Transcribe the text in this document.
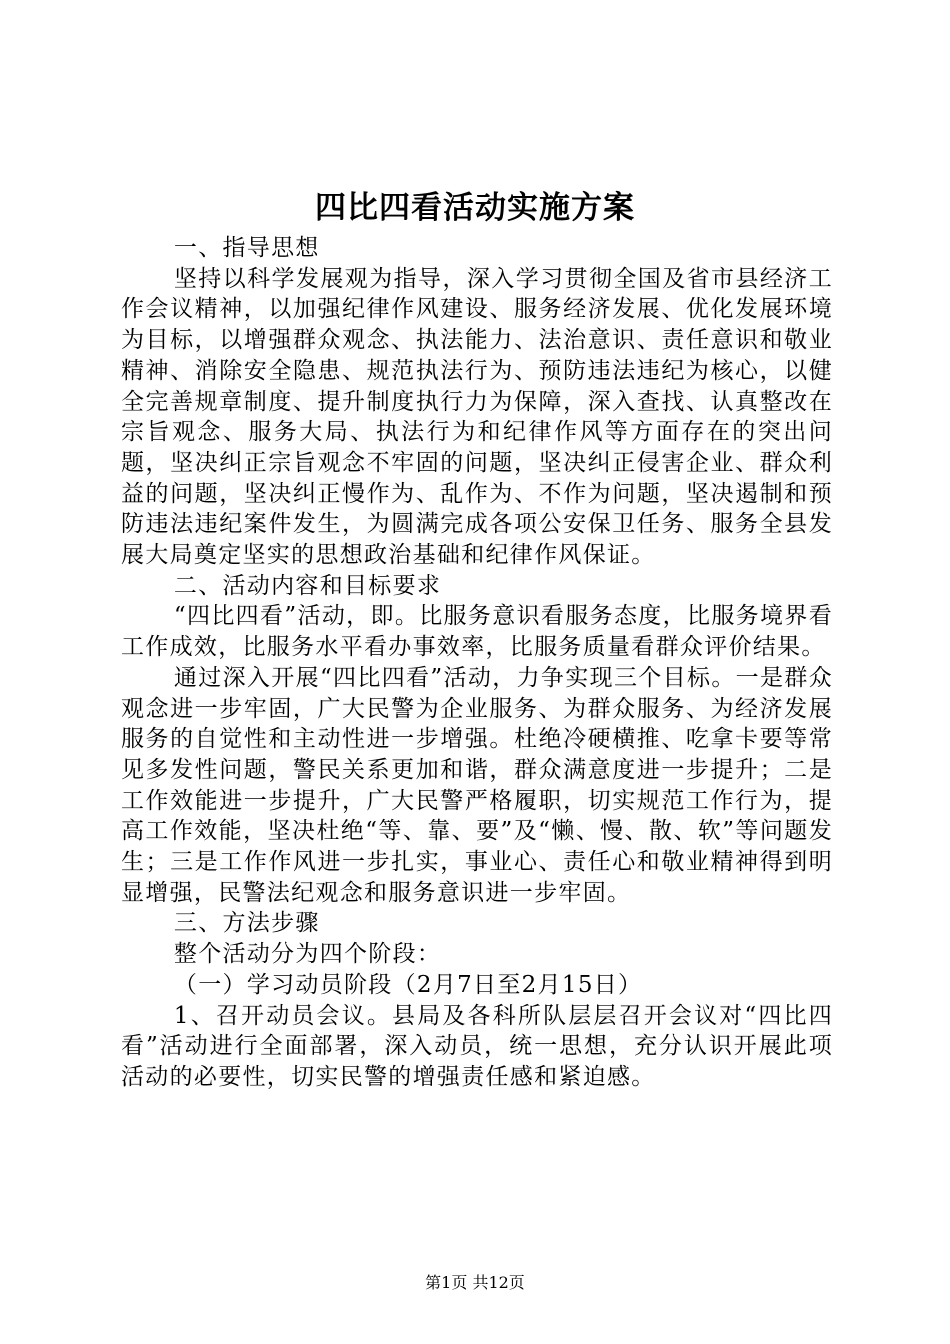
四比四看活动实施方案

一、指导思想

坚持以科学发展观为指导，深入学习贯彻全国及省市县经济工作会议精神，以加强纪律作风建设、服务经济发展、优化发展环境为目标，以增强群众观念、执法能力、法治意识、责任意识和敬业精神、消除安全隐患、规范执法行为、预防违法违纪为核心，以健全完善规章制度、提升制度执行力为保障，深入查找、认真整改在宗旨观念、服务大局、执法行为和纪律作风等方面存在的突出问题，坚决纠正宗旨观念不牢固的问题，坚决纠正侵害企业、群众利益的问题，坚决纠正慢作为、乱作为、不作为问题，坚决遏制和预防违法违纪案件发生，为圆满完成各项公安保卫任务、服务全县发展大局奠定坚实的思想政治基础和纪律作风保证。

二、活动内容和目标要求

“四比四看”活动，即。比服务意识看服务态度，比服务境界看工作成效，比服务水平看办事效率，比服务质量看群众评价结果。

通过深入开展“四比四看”活动，力争实现三个目标。一是群众观念进一步牢固，广大民警为企业服务、为群众服务、为经济发展服务的自觉性和主动性进一步增强。杜绝冷硬横推、吃拿卡要等常见多发性问题，警民关系更加和谐，群众满意度进一步提升；二是工作效能进一步提升，广大民警严格履职，切实规范工作行为，提高工作效能，坚决杜绝“等、靠、要”及“懒、慢、散、软”等问题发生；三是工作作风进一步扎实，事业心、责任心和敬业精神得到明显增强，民警法纪观念和服务意识进一步牢固。

三、方法步骤

整个活动分为四个阶段：

（一）学习动员阶段（2月7日至2月15日）

1、召开动员会议。县局及各科所队层层召开会议对“四比四看”活动进行全面部署，深入动员，统一思想，充分认识开展此项活动的必要性，切实民警的增强责任感和紧迫感。

第1页 共12页
